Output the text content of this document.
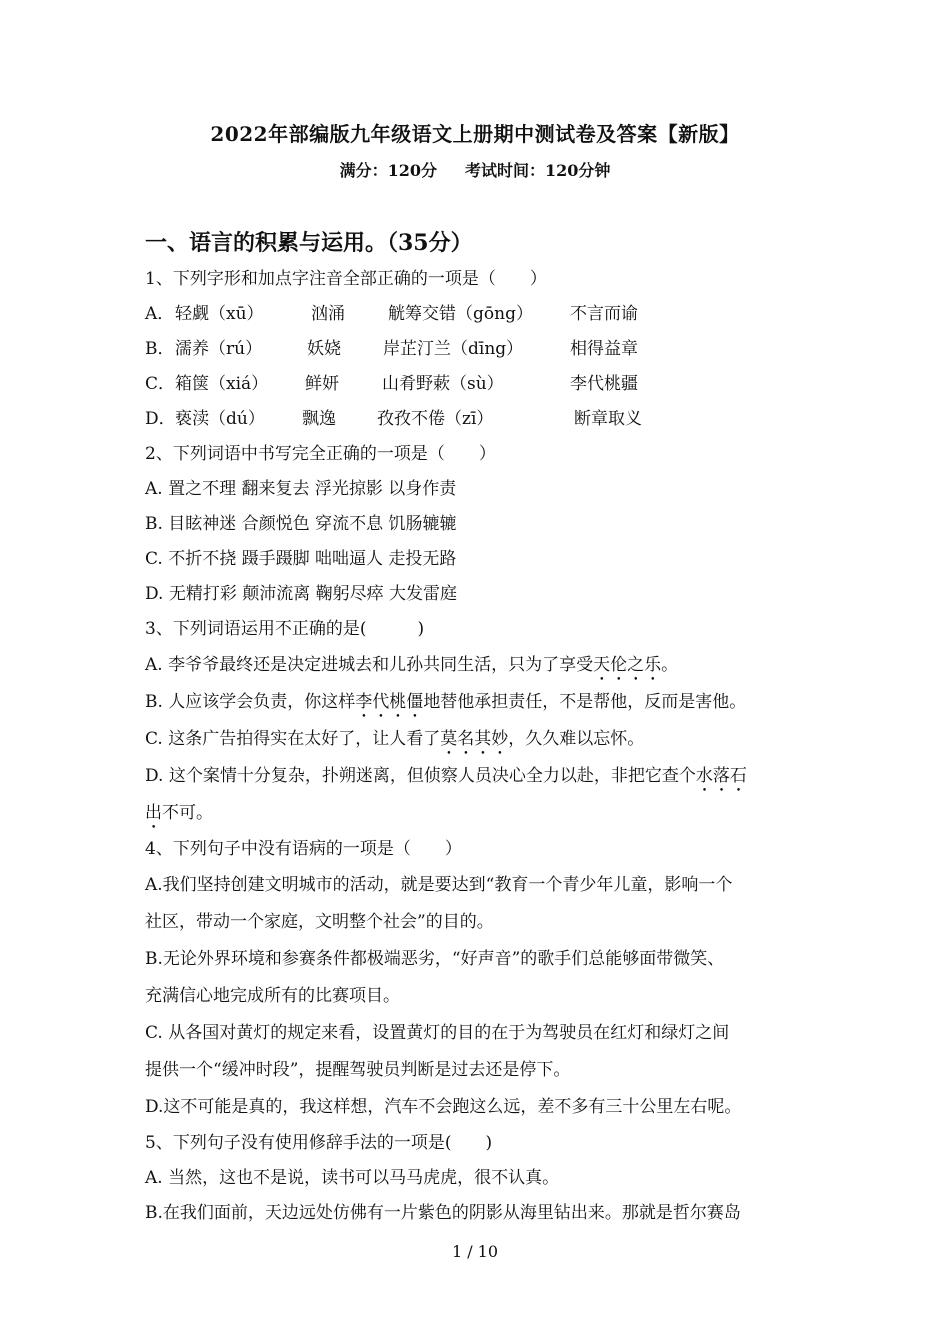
2022年部编版九年级语文上册期中测试卷及答案【新版】
满分：120分 考试时间：120分钟
一、语言的积累与运用。（35分）
1、下列字形和加点字注音全部正确的一项是（　　）
A． 轻觑（xū）	汹涌	觥筹交错（gōng） 不言而谕
B． 濡养（rú）	妖娆 岸芷汀兰（dīng）	相得益章
C． 箱箧（xiá） 鲜妍	山肴野蔌（sù）	李代桃疆
D． 亵渎（dú） 飘逸 孜孜不倦（zī）	断章取义
2、下列词语中书写完全正确的一项是（　　）
A. 置之不理 翻来复去 浮光掠影 以身作责
B. 目眩神迷 合颜悦色 穿流不息 饥肠辘辘
C. 不折不挠 蹑手蹑脚 咄咄逼人 走投无路
D. 无精打彩 颠沛流离 鞠躬尽瘁 大发雷庭
3、下列词语运用不正确的是(　　　)
A. 李爷爷最终还是决定进城去和儿孙共同生活，只为了享受天伦之乐。
B. 人应该学会负责，你这样李代桃僵地替他承担责任，不是帮他，反而是害他。
C. 这条广告拍得实在太好了，让人看了莫名其妙，久久难以忘怀。
D. 这个案情十分复杂，扑朔迷离，但侦察人员决心全力以赴，非把它查个水落石
出不可。
4、下列句子中没有语病的一项是（　　）
A.我们坚持创建文明城市的活动，就是要达到“教育一个青少年儿童，影响一个
社区，带动一个家庭，文明整个社会”的目的。
B.无论外界环境和参赛条件都极端恶劣，“好声音”的歌手们总能够面带微笑、
充满信心地完成所有的比赛项目。
C. 从各国对黄灯的规定来看，设置黄灯的目的在于为驾驶员在红灯和绿灯之间
提供一个“缓冲时段”，提醒驾驶员判断是过去还是停下。
D.这不可能是真的，我这样想，汽车不会跑这么远，差不多有三十公里左右呢。
5、下列句子没有使用修辞手法的一项是(　　)
A. 当然，这也不是说，读书可以马马虎虎，很不认真。
B.在我们面前，天边远处仿佛有一片紫色的阴影从海里钻出来。那就是哲尔赛岛
1 / 10
